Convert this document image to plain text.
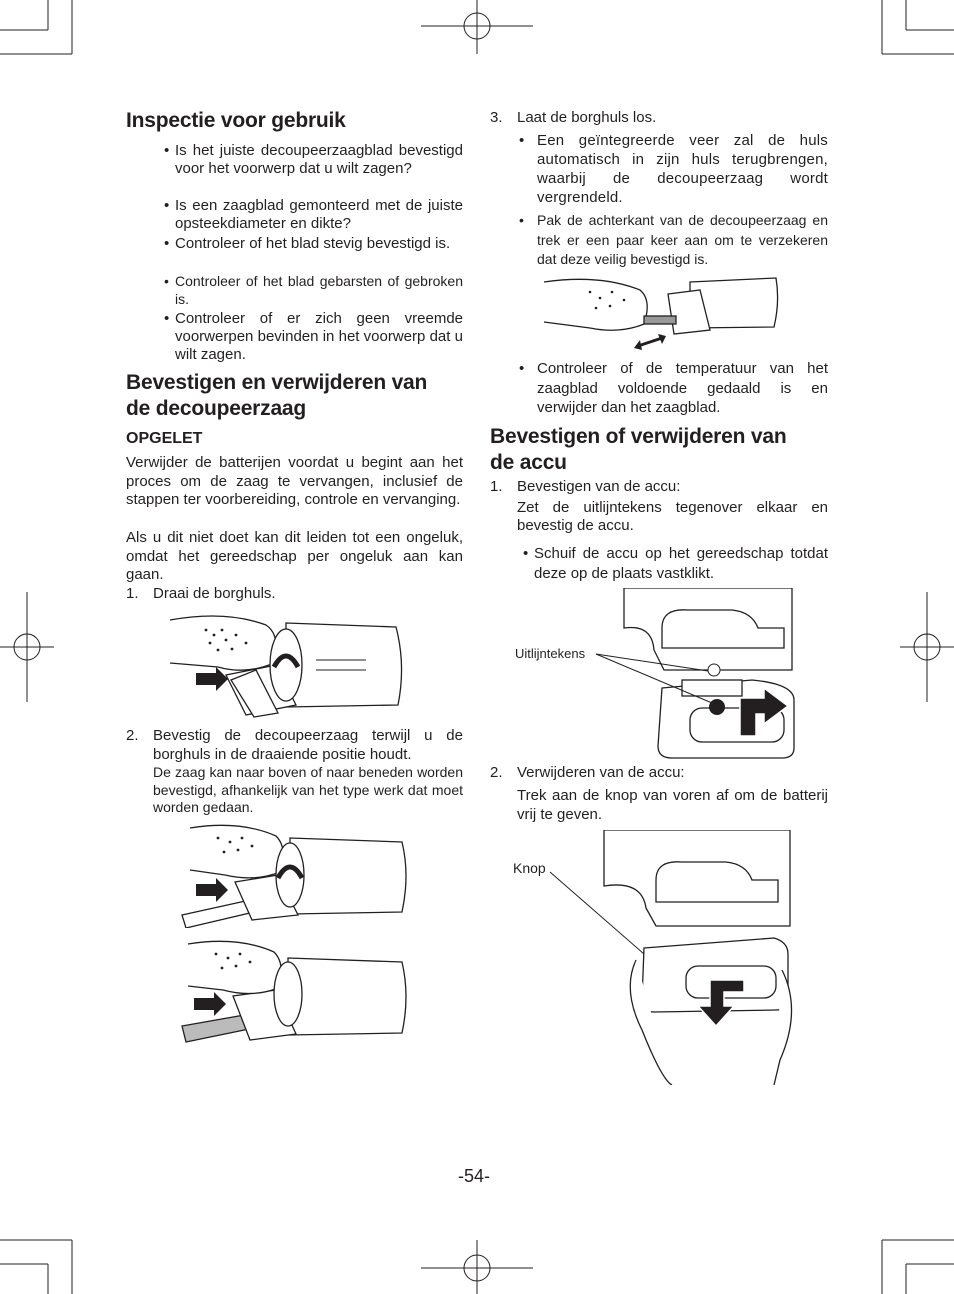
Inspectie voor gebruik
• Is het juiste decoupeerzaagblad bevestigd voor het voorwerp dat u wilt zagen?
• Is een zaagblad gemonteerd met de juiste opsteekdiameter en dikte?
• Controleer of het blad stevig bevestigd is.
• Controleer of het blad gebarsten of gebroken is.
• Controleer of er zich geen vreemde voorwerpen bevinden in het voorwerp dat u wilt zagen.
Bevestigen en verwijderen van
de decoupeerzaag
OPGELET

Verwijder de batterijen voordat u begint aan het proces om de zaag te vervangen, inclusief de stappen ter voorbereiding, controle en vervanging.

Als u dit niet doet kan dit leiden tot een ongeluk, omdat het gereedschap per ongeluk aan kan gaan.

1. Draai de borghuls.
2. Bevestig de decoupeerzaag terwijl u de borghuls in de draaiende positie houdt.

De zaag kan naar boven of naar beneden worden bevestigd, afhankelijk van het type werk dat moet worden gedaan.

3. Laat de borghuls los.
• Een geïntegreerde veer zal de huls automatisch in zijn huls terugbrengen, waarbij de decoupeerzaag wordt vergrendeld.
• Pak de achterkant van de decoupeerzaag en trek er een paar keer aan om te verzekeren dat deze veilig bevestigd is.
• Controleer of de temperatuur van het zaagblad voldoende gedaald is en verwijder dan het zaagblad.
Bevestigen of verwijderen van
de accu
1. Bevestigen van de accu:

Zet de uitlijntekens tegenover elkaar en bevestig de accu.

• Schuif de accu op het gereedschap totdat deze op de plaats vastklikt.
Uitlijntekens
2. Verwijderen van de accu:

Trek aan de knop van voren af om de batterij vrij te geven.

Knop
-54-
